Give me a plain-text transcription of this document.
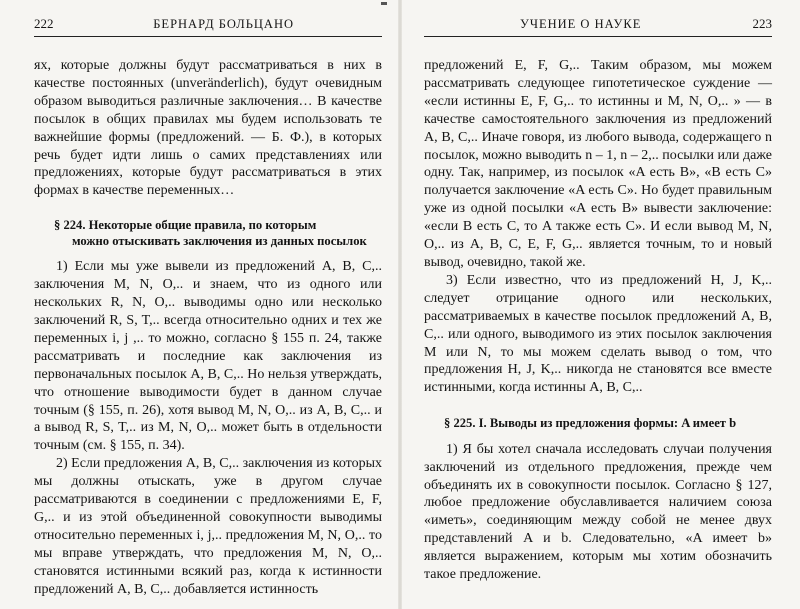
222	БЕРНАРД БОЛЬЦАНО

ях, которые должны будут рассматриваться в них в качестве постоянных (unveränderlich), будут очевидным образом выводиться различные заключения… В качестве посылок в общих правилах мы будем использовать те важнейшие формы (предложений. — Б. Ф.), в которых речь будет идти лишь о самих представлениях или предложениях, которые будут рассматриваться в этих формах в качестве переменных…

§ 224. Некоторые общие правила, по которым
можно отыскивать заключения из данных посылок

1) Если мы уже вывели из предложений A, B, C,.. заключения M, N, O,.. и знаем, что из одного или нескольких R, N, O,.. выводимы одно или несколько заключений R, S, T,.. всегда относительно одних и тех же переменных i, j ,.. то можно, согласно § 155 п. 24, также рассматривать и последние как заключения из первоначальных посылок A, B, C,.. Но нельзя утверждать, что отношение выводимости будет в данном случае точным (§ 155, п. 26), хотя вывод M, N, O,.. из A, B, C,.. и а вывод R, S, T,.. из M, N, O,.. может быть в отдельности точным (см. § 155, п. 34).

2) Если предложения A, B, C,.. заключения из которых мы должны отыскать, уже в другом случае рассматриваются в соединении с предложениями E, F, G,.. и из этой объединенной совокупности выводимы относительно переменных i, j,.. предложения M, N, O,.. то мы вправе утверждать, что предложения M, N, O,.. становятся истинными всякий раз, когда к истинности предложений A, B, C,.. добавляется истинность

УЧЕНИЕ О НАУКЕ	223

предложений E, F, G,.. Таким образом, мы можем рассматривать следующее гипотетическое суждение — «если истинны E, F, G,.. то истинны и M, N, O,.. » — в качестве самостоятельного заключения из предложений A, B, C,.. Иначе говоря, из любого вывода, содержащего n посылок, можно выводить n – 1, n – 2,.. посылки или даже одну. Так, например, из посылок «A есть B», «B есть C» получается заключение «A есть C». Но будет правильным уже из одной посылки «A есть B» вывести заключение: «если B есть C, то A также есть C». И если вывод M, N, O,.. из A, B, C, E, F, G,.. является точным, то и новый вывод, очевидно, такой же.

3) Если известно, что из предложений H, J, K,.. следует отрицание одного или нескольких, рассматриваемых в качестве посылок предложений A, B, C,.. или одного, выводимого из этих посылок заключения M или N, то мы можем сделать вывод о том, что предложения H, J, K,.. никогда не становятся все вместе истинными, когда истинны A, B, C,..

§ 225. I. Выводы из предложения формы: A имеет b

1) Я бы хотел сначала исследовать случаи получения заключений из отдельного предложения, прежде чем объединять их в совокупности посылок. Согласно § 127, любое предложение обуславливается наличием союза «иметь», соединяющим между собой не менее двух представлений A и b. Следовательно, «A имеет b» является выражением, которым мы хотим обозначить такое предложение.
